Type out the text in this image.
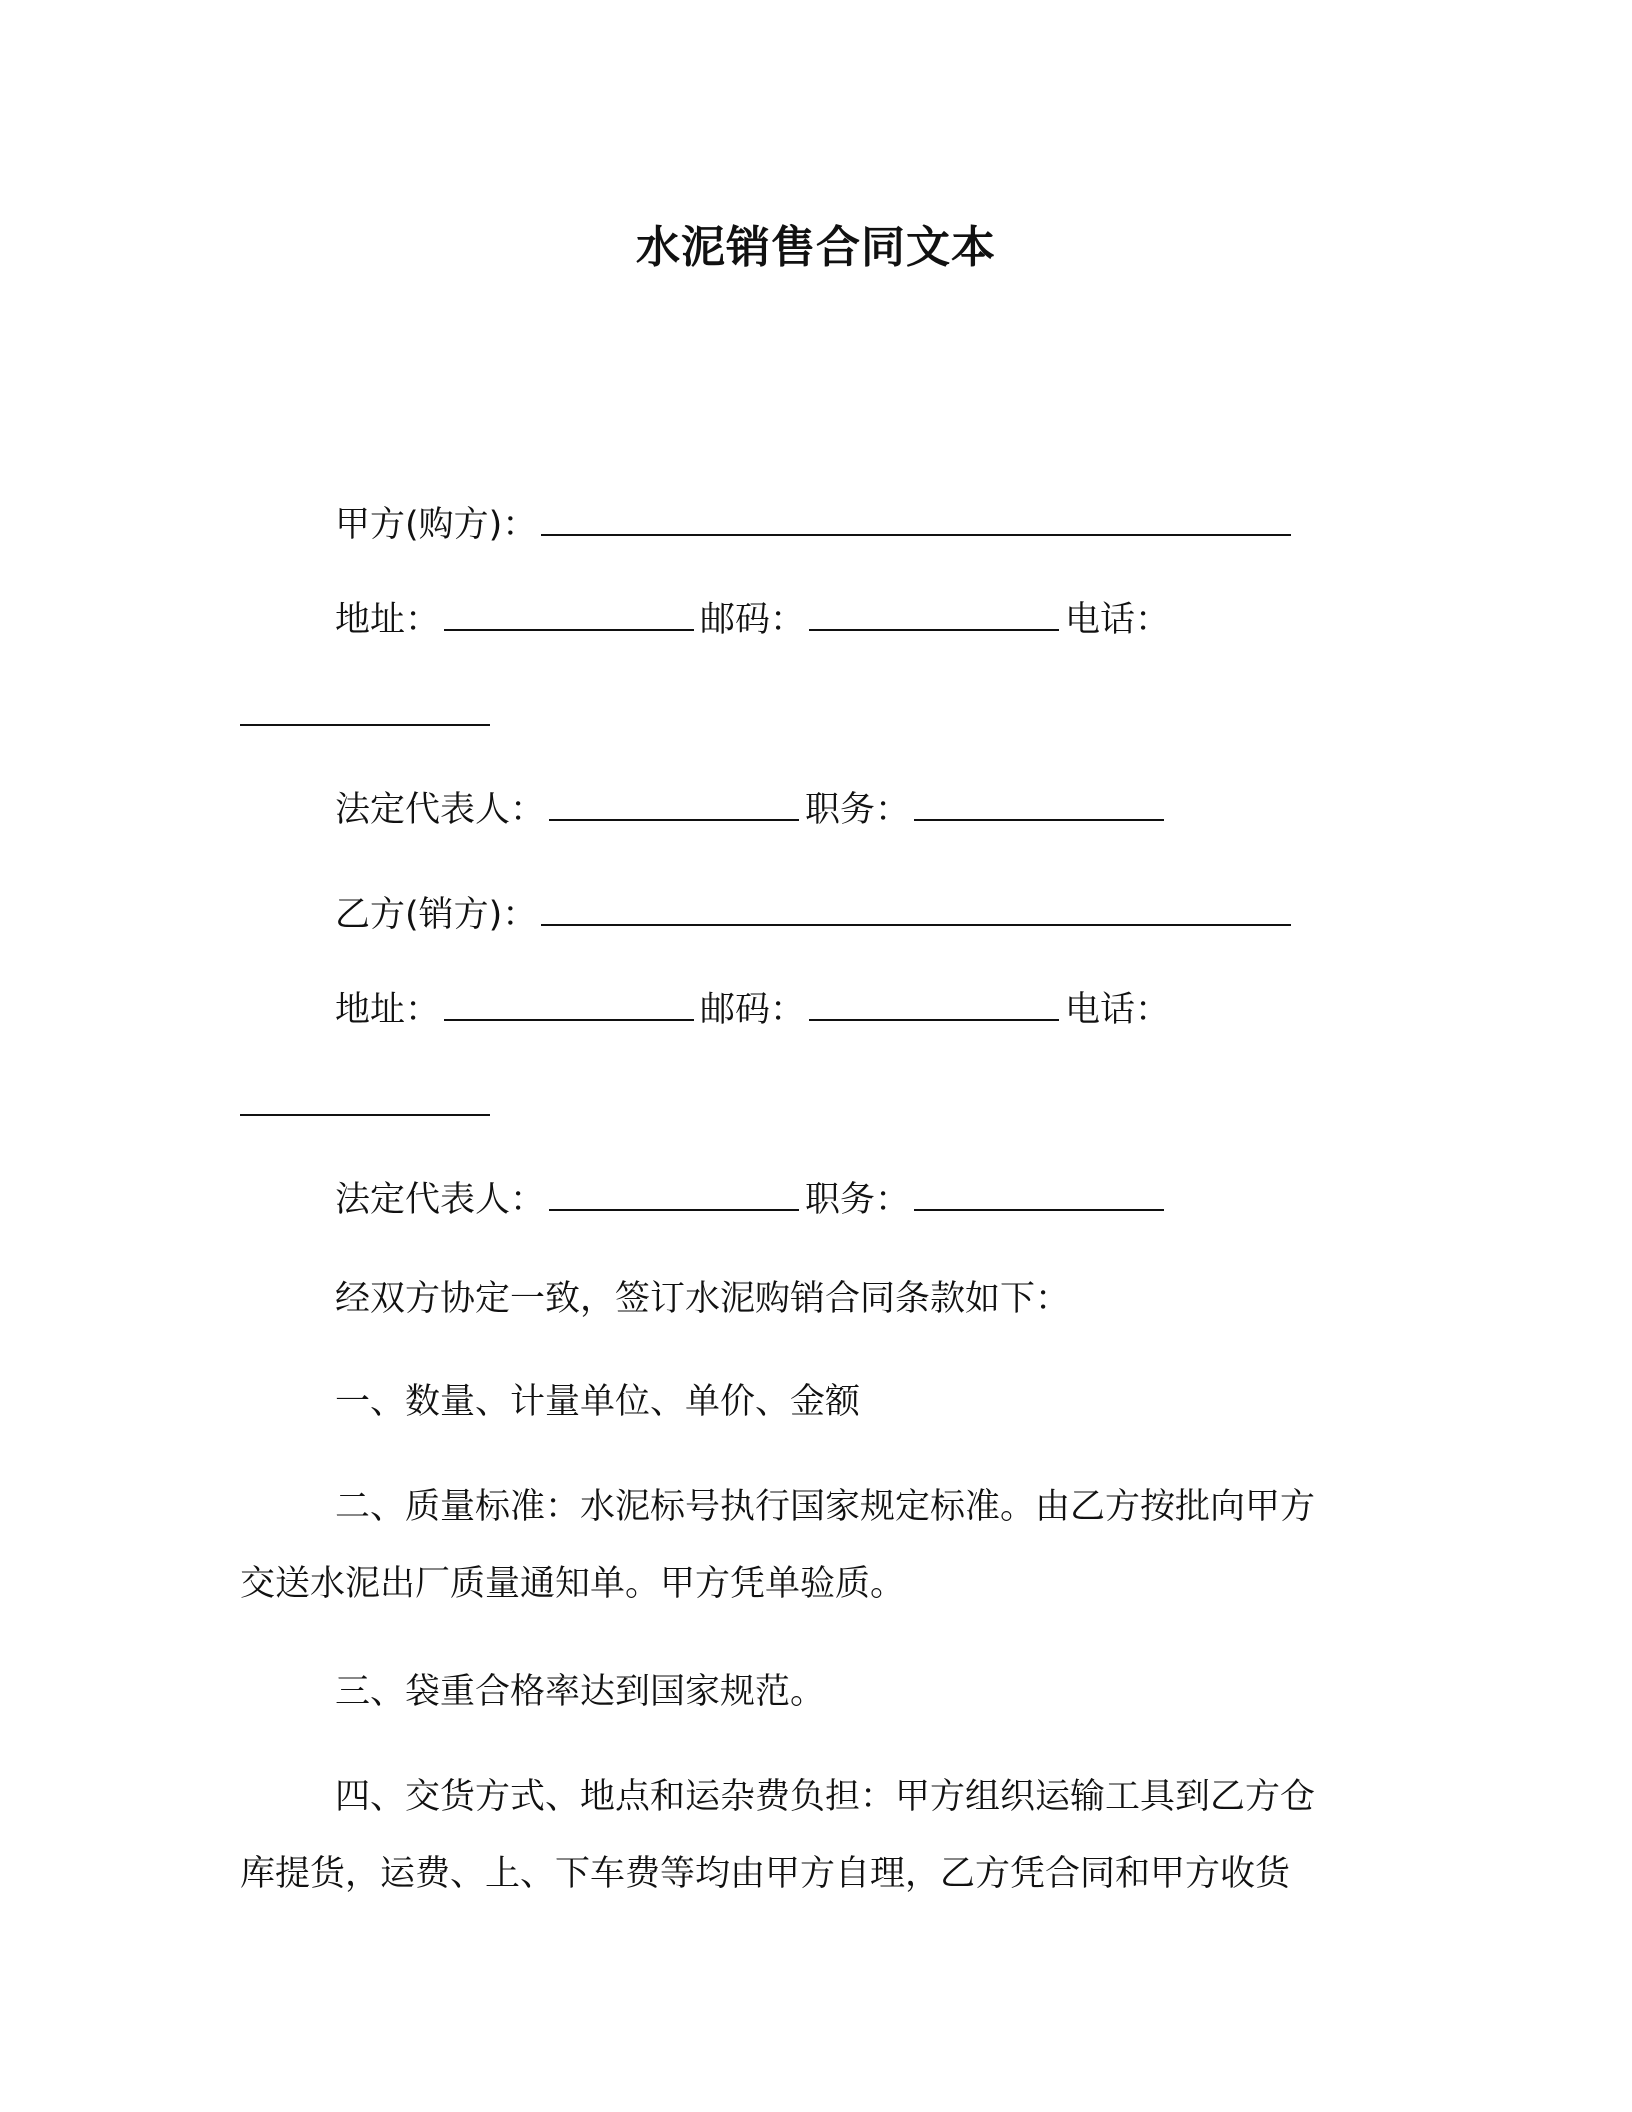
水泥销售合同文本
甲方(购方)：
地址：	邮码：	电话：
法定代表人：	职务：
乙方(销方)：
地址：	邮码：	电话：
法定代表人：	职务：
经双方协定一致，签订水泥购销合同条款如下：
一、数量、计量单位、单价、金额
二、质量标准：水泥标号执行国家规定标准。由乙方按批向甲方
交送水泥出厂质量通知单。甲方凭单验质。
三、袋重合格率达到国家规范。
四、交货方式、地点和运杂费负担：甲方组织运输工具到乙方仓
库提货，运费、上、下车费等均由甲方自理，乙方凭合同和甲方收货
